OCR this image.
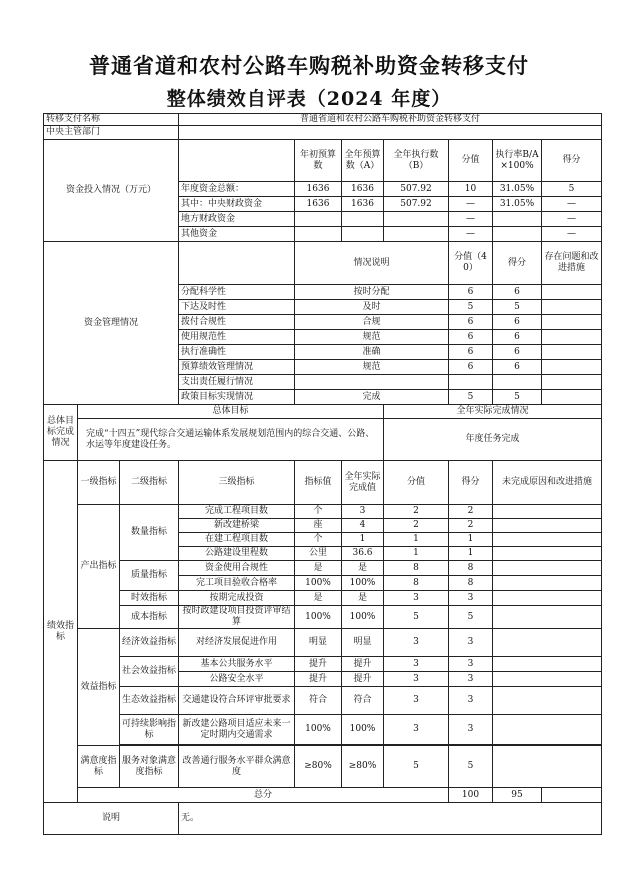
普通省道和农村公路车购税补助资金转移支付
整体绩效自评表（2024 年度）
转移支付名称			普通省道和农村公路车购税补助资金转移支付						
中央主管部门									
资金投入情况（万元）				年初预算数	全年预算数（A）	全年执行数（B）	分值	执行率B/A×100%	得分
			年度资金总额：	1636	1636	507.92	10	31.05%	5
			其中：中央财政资金	1636	1636	507.92	—	31.05%	—
			地方财政资金				—		—
			其他资金				—		—
资金管理情况				情况说明			分值（40）	得分	存在问题和改进措施
			分配科学性	按时分配			6	6	
			下达及时性	及时			5	5	
			拨付合规性	合规			6	6	
			使用规范性	规范			6	6	
			执行准确性	准确			6	6	
			预算绩效管理情况	规范			6	6	
			支出责任履行情况						
			政策目标实现情况	完成			5	5	
总体目标完成情况	总体目标					全年实际完成情况			
	完成“十四五”现代综合交通运输体系发展规划范围内的综合交通、公路、水运等年度建设任务。					年度任务完成			
绩效指标	一级指标	二级指标	三级指标	指标值	全年实际完成值	分值	得分	未完成原因和改进措施	
	产出指标	数量指标	完成工程项目数	个	3	2	2		
			新改建桥梁	座	4	2	2		
			在建工程项目数	个	1	1	1		
			公路建设里程数	公里	36.6	1	1		
		质量指标	资金使用合规性	是	是	8	8		
			完工项目验收合格率	100%	100%	8	8		
		时效指标	按期完成投资	是	是	3	3		
		成本指标	按时政建设项目投资评审结算	100%	100%	5	5		
	效益指标	经济效益指标	对经济发展促进作用	明显	明显	3	3		
		社会效益指标	基本公共服务水平	提升	提升	3	3		
			公路安全水平	提升	提升	3	3		
		生态效益指标	交通建设符合环评审批要求	符合	符合	3	3		
		可持续影响指标	新改建公路项目适应未来一定时期内交通需求	100%	100%	3	3		

	满意度指标	服务对象满意度指标	改善通行服务水平群众满意度	≥80%	≥80%	5	5		
	总分						100	95	
说明			无。						
